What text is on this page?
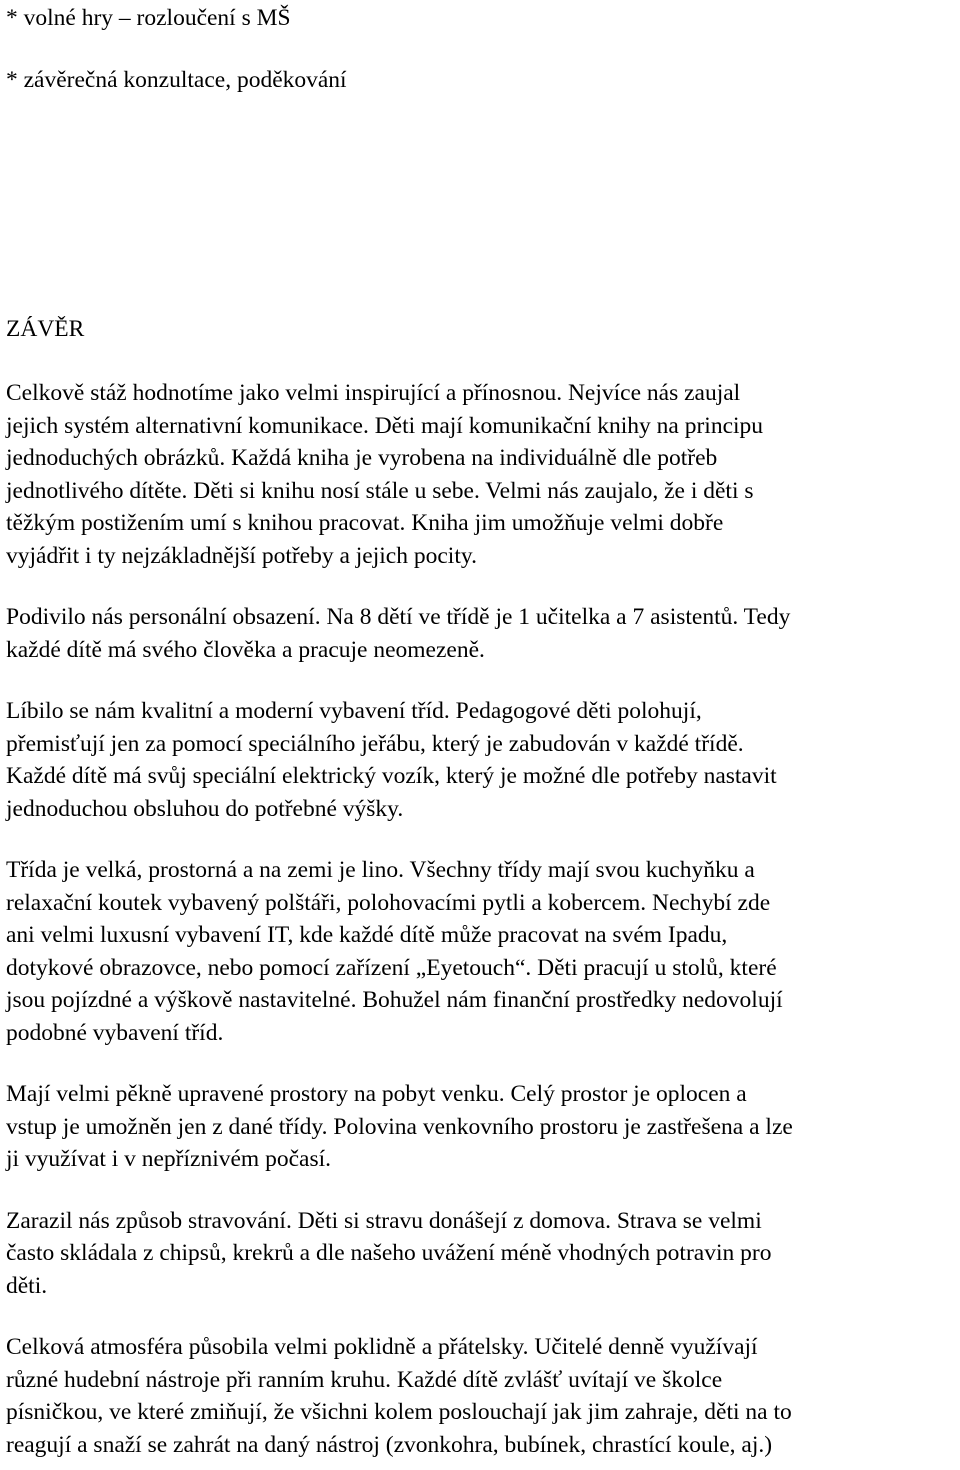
* volné hry – rozloučení s MŠ

* závěrečná konzultace, poděkování

ZÁVĚR

Celkově stáž hodnotíme jako velmi inspirující a přínosnou. Nejvíce nás zaujal
jejich systém alternativní komunikace. Děti mají komunikační knihy na principu
jednoduchých obrázků. Každá kniha je vyrobena na individuálně dle potřeb
jednotlivého dítěte. Děti si knihu nosí stále u sebe. Velmi nás zaujalo, že i děti s
těžkým postižením umí s knihou pracovat. Kniha jim umožňuje velmi dobře
vyjádřit i ty nejzákladnější potřeby a jejich pocity.

Podivilo nás personální obsazení. Na 8 dětí ve třídě je 1 učitelka a 7 asistentů. Tedy
každé dítě má svého člověka a pracuje neomezeně.

Líbilo se nám kvalitní a moderní vybavení tříd. Pedagogové děti polohují,
přemisťují jen za pomocí speciálního jeřábu, který je zabudován v každé třídě.
Každé dítě má svůj speciální elektrický vozík, který je možné dle potřeby nastavit
jednoduchou obsluhou do potřebné výšky.

Třída je velká, prostorná a na zemi je lino. Všechny třídy mají svou kuchyňku a
relaxační koutek vybavený polštáři, polohovacími pytli a kobercem. Nechybí zde
ani velmi luxusní vybavení IT, kde každé dítě může pracovat na svém Ipadu,
dotykové obrazovce, nebo pomocí zařízení „Eyetouch“. Děti pracují u stolů, které
jsou pojízdné a výškově nastavitelné. Bohužel nám finanční prostředky nedovolují
podobné vybavení tříd.

Mají velmi pěkně upravené prostory na pobyt venku. Celý prostor je oplocen a
vstup je umožněn jen z dané třídy. Polovina venkovního prostoru je zastřešena a lze
ji využívat i v nepříznivém počasí.

Zarazil nás způsob stravování. Děti si stravu donášejí z domova. Strava se velmi
často skládala z chipsů, krekrů a dle našeho uvážení méně vhodných potravin pro
děti.

Celková atmosféra působila velmi poklidně a přátelsky. Učitelé denně využívají
různé hudební nástroje při ranním kruhu. Každé dítě zvlášť uvítají ve školce
písničkou, ve které zmiňují, že všichni kolem poslouchají jak jim zahraje, děti na to
reagují a snaží se zahrát na daný nástroj (zvonkohra, bubínek, chrastící koule, aj.)
